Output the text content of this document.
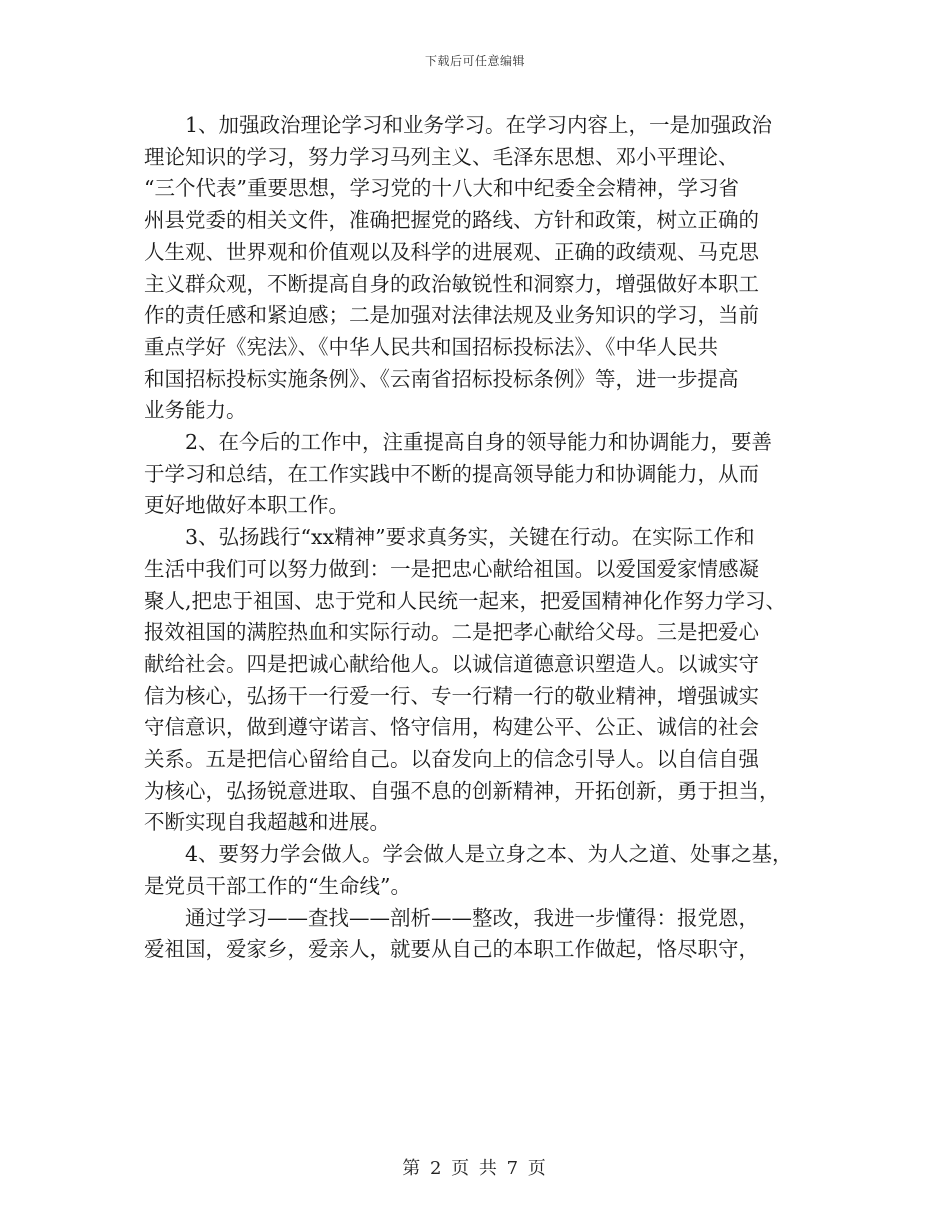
下载后可任意编辑
1、加强政治理论学习和业务学习。在学习内容上，一是加强政治
理论知识的学习，努力学习马列主义、毛泽东思想、邓小平理论、
“三个代表”重要思想，学习党的十八大和中纪委全会精神，学习省
州县党委的相关文件，准确把握党的路线、方针和政策，树立正确的
人生观、世界观和价值观以及科学的进展观、正确的政绩观、马克思
主义群众观，不断提高自身的政治敏锐性和洞察力，增强做好本职工
作的责任感和紧迫感；二是加强对法律法规及业务知识的学习，当前
重点学好《宪法》、《中华人民共和国招标投标法》、《中华人民共
和国招标投标实施条例》、《云南省招标投标条例》等，进一步提高
业务能力。
2、在今后的工作中，注重提高自身的领导能力和协调能力，要善
于学习和总结，在工作实践中不断的提高领导能力和协调能力，从而
更好地做好本职工作。
3、弘扬践行“xx精神”要求真务实，关键在行动。在实际工作和
生活中我们可以努力做到：一是把忠心献给祖国。以爱国爱家情感凝
聚人,把忠于祖国、忠于党和人民统一起来，把爱国精神化作努力学习、
报效祖国的满腔热血和实际行动。二是把孝心献给父母。三是把爱心
献给社会。四是把诚心献给他人。以诚信道德意识塑造人。以诚实守
信为核心，弘扬干一行爱一行、专一行精一行的敬业精神，增强诚实
守信意识，做到遵守诺言、恪守信用，构建公平、公正、诚信的社会
关系。五是把信心留给自己。以奋发向上的信念引导人。以自信自强
为核心，弘扬锐意进取、自强不息的创新精神，开拓创新，勇于担当，
不断实现自我超越和进展。
4、要努力学会做人。学会做人是立身之本、为人之道、处事之基，
是党员干部工作的“生命线”。
通过学习——查找——剖析——整改，我进一步懂得：报党恩，
爱祖国，爱家乡，爱亲人，就要从自己的本职工作做起，恪尽职守，
第 2 页 共 7 页
